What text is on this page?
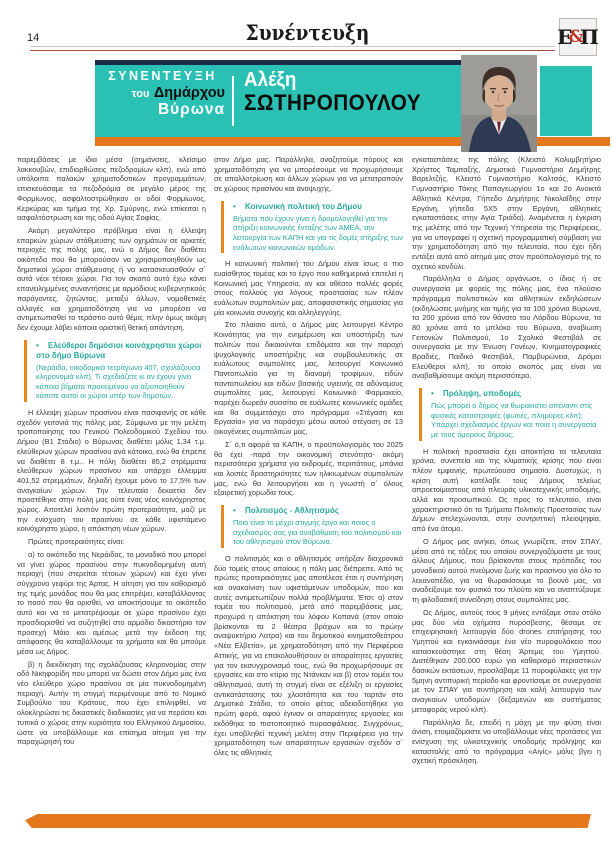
14	Συνέντευξη	Ε
&
Π
ΣΥΝΕΝΤΕΥΞΗ
του Δημάρχου
Βύρωνα
Αλέξη
ΣΩΤΗΡΟΠΟΥΛΟΥ

παρεμβάσεις με ίδια μέσα (σημάνσεις, κλείσιμο λακκουβών, επιδιορθώσεις πεζοδρομίων κλπ), ενώ από υπόλοιπα παλαιών χρηματοδοτικών προγραμμάτων, επισκευάσαμε τα πεζοδρόμια σε μεγάλο μέρος της Φορμίωνος, ασφαλτοστρώθηκαν οι οδοί Φορμίωνος, Κερκύρας και τμήμα της Χρ. Σμύρνης, ενώ επίκειται η ασφαλτόστρωση και της οδού Αγίας Σοφίας.

Ακόμη μεγαλύτερο πρόβλημα είναι η έλλειψη επαρκών χώρων στάθμευσης των οχημάτων σε αρκετές περιοχές της πόλης μας, ενώ ο Δήμος δεν διαθέτει οικόπεδα που θα μπορούσαν να χρησιμοποιηθούν ως δημοτικοί χώροι στάθμευσης ή να κατασκευασθούν σ΄ αυτά νέοι τέτοιοι χώροι. Για τον σκοπό αυτό έχω κάνει επανειλημμένες συναντήσεις με αρμόδιους κυβερνητικούς παράγοντες, ζητώντας, μεταξύ άλλων, νομοθετικές αλλαγές και χρηματοδότηση για να μπορέσει να αντιμετωπισθεί το τεράστιο αυτό θέμα, πλην όμως ακόμη δεν έχουμε λάβει κάποια οριστική θετική απάντηση.

• Ελεύθεροι δημόσιοι κοινόχρηστοι χώροι στο δήμο Βύρωνα
(Νεράιδα, οικοδομικά τετράγωνα 407, σχολάζουσα κληρονομιά κλπ), Τι σχεδιάζετε κι αν έχουν γίνει κάποια βήματα προκειμένου να αξιοποιηθούν κάποτε αυτοί οι χώροι υπέρ των δημοτών.

Η έλλειψη χώρων πρασίνου είναι πασιφανής σε κάθε σχεδόν γειτονιά της πόλης μας. Σύμφωνα με την μελέτη τροποποίησης του Γενικού Πολεοδομικού Σχεδίου του Δήμου (Β1 Στάδιο) ο Βύρωνας διαθέτει μόλις 1,34 τ.μ. ελεύθερων χώρων πρασίνου ανά κάτοικο, ενώ θα έπρεπε να διαθέτει 8 τ.μ.. Η πόλη διαθέτει 85,2 στρέμματα ελεύθερων χώρων πρασίνου και υπάρχει έλλειμμα 401,52 στρεμμάτων, δηλαδή έχουμε μόνο το 17,5% των αναγκαίων χώρων. Την τελευταία δεκαετία δεν προστέθηκε στην πόλη μας ούτε ένας νέος κοινόχρηστος χώρος. Αποτελεί λοιπόν πρώτη προτεραιότητα, μαζί με την ενίσχυση του πρασίνου σε κάθε υφιστάμενο κοινόχρηστο χώρο, η απόκτηση νέων χώρων.

Πρώτες προτεραιότητες είναι:

α) το οικόπεδο της Νεράιδας, το μοναδικό που μπορεί να γίνει χώρος πρασίνου στην πυκνοδομημένη αυτή περιοχή (που στερείται τέτοιων χώρων) και έχει γίνει σύγχρονο γεφύρι της Άρτας. Η αίτηση για τον καθορισμό της τιμής μονάδας που θα μας επιτρέψει, καταβάλλοντας το ποσό που θα ορισθεί, να αποκτήσουμε το οικόπεδο αυτό και να το μετατρέψουμε σε χώρο πρασίνου έχει προσδιορισθεί να συζητηθεί στο αρμόδιο δικαστήριο τον προσεχή Μάιο και αμέσως μετά την έκδοση της απόφασης θα καταβάλλουμε τα χρήματα και θα μπούμε μέσα ως Δήμος.

β) η διεκδίκηση της σχολάζουσας κληρονομίας στην οδό Νικηφορίδη που μπορεί να δώσει στον Δήμο μας ένα νέο ελεύθερο χώρο πρασίνου σε μία πυκνοδομημένη περιοχή. Αυτήν τη στιγμή περιμένουμε από το Νομικό Συμβούλιο του Κράτους, που έχει επιληφθεί, να ολοκληρώσει τις δικαστικές διαδικασίες για να περάσει και τυπικά ο χώρος στην κυριότητα του Ελληνικού Δημοσίου, ώστε να υποβάλλουμε και επίσημα αίτημα για την παραχώρησή του

στον Δήμο μας. Παράλληλα, αναζητούμε πόρους και χρηματοδότηση για να μπορέσουμε να προχωρήσουμε σε απαλλοτρίωση και άλλων χώρων για να μετατραπούν σε χώρους πρασίνου και αναψυχής.

• Κοινωνική πολιτική του Δήμου
Βήματα που έχουν γίνει ή δρομολογηθεί για την στήριξη κοινωνικής ένταξης των ΑΜΕΑ, την λειτουργία των ΚΑΠΗ και για τις δομές στήριξης των ευάλωτων κοινωνικών ομάδων.

Η κοινωνική πολιτική του Δήμου είναι ίσως ο πιο ευαίσθητος τομέας και το έργο που καθημερινά επιτελεί η Κοινωνική μας Υπηρεσία, αν και αθέατο πολλές φορές στους πολλούς για λόγους προστασίας των πλέον ευάλωτων συμπολιτών μας, αποφασιστικής σημασίας για μία κοινωνία συνοχής και αλληλεγγύης.

Στο πλαίσιο αυτό, ο Δήμος μας λειτουργεί Κέντρο Κοινότητας για την ενημέρωση και υποστήριξη των πολιτών που δικαιούνται επιδόματα και την παροχή ψυχολογικής υποστήριξης και συμβουλευτικής σε ευάλωτους συμπολίτες μας, λειτουργεί Κοινωνικό Παντοπωλείο για τη διανομή τροφίμων, ειδών παντοπωλείου και ειδών βασικής υγιεινής σε αδύναμους συμπολίτες μας, λειτουργεί Κοινωνικό Φαρμακείο, παρέχει δωρεάν συσσίτιο σε ευάλωτες κοινωνικές ομάδες και θα συμμετάσχει στο πρόγραμμα «Στέγαση και Εργασία» για να παράσχει μέσω αυτού στέγαση σε 13 οικογένειες συμπολιτών μας,

Σ΄ ό,τι αφορά τα ΚΑΠΗ, ο προϋπολογισμός του 2025 θα έχει -παρά την οικονομική στενότητα- ακόμη περισσότερα χρήματα για εκδρομές, περιπάτους, μπάνια και λοιπές δραστηριότητες των ηλικιωμένων συμπολιτών μας, ενώ θα λειτουργήσει και η γνωστή σ΄ όλους εξαιρετική χορωδία τους.

• Πολιτισμός - Αθλητισμός
Ποιο είναι το μέχρι στιγμής έργο και ποιος ο σχεδιασμός σας για αναβάθμιση του πολιτισμού και του αθλητισμού στον Βύρωνα.

Ο πολιτισμός και ο αθλητισμός υπήρξαν διαχρονικά δύο τομείς στους οποίους η πόλη μας διέπρεπε. Από τις πρώτες προτεραιότητες μας αποτέλεσε έτσι η συντήρηση και ανακαίνιση των υφιστάμενων υποδομών, που και αυτές αντιμετωπίζουν πολλά προβλήματα. Έτσι: α) στον τομέα του πολιτισμού, μετά από παρεμβάσεις μας, προχωρά η απόκτηση του λόφου Κοπανά (στον οποίο βρίσκονται τα 2 θέατρα βράχων και το πρώην αναψυκτήριο Λατρα) και του δημοτικού κινηματοθεάτρου «Νέα Ελβετία», με χρηματοδότηση από την Περιφέρεια Αττικής, για να επακολουθήσουν οι απαραίτητες εργασίες για τον εκσυγχρονισμό τους, ενώ θα προχωρήσουμε σε εργασίες και στο κτίριο της Ντάνκαν και β) στον τομέα του αθλητισμού, αυτή τη στιγμή είναι σε εξέλιξη οι εργασίες αντικατάστασης του χλοοτάπητα και του ταρτάν στο Δημοτικό Στάδιο, το οποίο φέτος αδειοδοτήθηκε για πρώτη φορά, αφού έγιναν οι απαραίτητες εργασίες και εκδόθηκε το πιστοποιητικό πυρασφάλειας. Συγχρόνως, έχει υποβληθεί τεχνική μελέτη στην Περιφέρεια για την χρηματοδότηση των απαραίτητων εργασιών σχεδόν σ΄ όλες τις αθλητικές

εγκαταστάσεις της πόλης (Κλειστό Κολυμβητήριο Χρήστος Ταμπαξής, Δημοτικό Γυμναστήριο Δημήτρης Βαρελτζής, Κλειστό Γυμναστήριο Καλτσάς, Κλειστό Γυμναστήριο Τάκης Παπαγεωργίου 1ο και 2ο Ανοικτά Αθλητικά Κέντρα, Γήπεδο Δημήτρης Νικολαΐδης στην Εργάνη, γήπεδα 5Χ5 στην Εργάνη, αθλητικές εγκαταστάσεις στην Αγία Τριάδα). Αναμένεται η έγκριση της μελέτης από την Τεχνική Υπηρεσία της Περιφέρειας, για να υπογραφεί η σχετική προγραμματική σύμβαση για την χρηματοδότηση από την τελευταία, που έχει ήδη εντάξει αυτά από αίτημά μας στον προϋπολογισμό της το σχετικό κονδύλι.

Παράλληλα ο Δήμος οργάνωσε, ο ίδιος ή σε συνεργασία με φορείς της πόλης μας, ένα πλούσιο πρόγραμμα πολιτιστικών και αθλητικών εκδηλώσεων (εκδηλώσεις μνήμης και τιμής για τα 100 χρόνια Βύρωνα, τα 200 χρόνια από τον θάνατο του Λόρδου Βύρωνα, τα 80 χρόνια από το μπλόκο του Βύρωνα, αναβίωση Γειτονιών Πολιτισμού, 1ο Σχολικό Φεστιβάλ σε συνεργασία με την Ένωση Γονέων, Κινηματογραφικές Βραδιές, Παιδικό Φεστιβάλ, Παμβυρώνεια, Δρόμοι Ελεύθεροι κλπ), το οποίο σκοπός μας είναι να αναβαθμίσουμε ακόμη περισσότερο.

• Πρόληψη, υποδομές
Πώς μπορεί ο δήμος να θωρακιστεί απέναντι στις φυσικές καταστροφές (φωτιές, πλημύρες κλπ); Υπάρχει σχεδιασμός έργων και ποια η συνεργασία με τους όμορους δήμους;

Η πολιτική προστασία έχει αποκτήσει τα τελευταία χρόνια, συνεπεία και της κλιματικής κρίσης που είναι πλέον εμφανής, πρωτεύουσα σημασία. Δυστυχώς, η κρίση αυτή κατέλαβε τους Δήμους τελείως απροετοίμαστους από πλευράς υλικοτεχνικής υποδομής, αλλά και προσωπικού. Ως προς το τελευταίο, είναι χαρακτηριστικό ότι τα Τμήματα Πολιτικής Προστασίας των Δήμων στελεχώνονται, στην συντριπτική πλειοψηφία, από ένα άτομο.

Ο Δήμος μας ανήκει, όπως γνωρίζετε, στον ΣΠΑΥ, μέσα από τις τάξεις του οποίου συνεργαζόμαστε με τους άλλους Δήμους, που βρίσκονται στους πρόποδες του μοναδικού αυτού πνεύμονα ζωής και πρασίνου για όλο το λεκανοπέδιο, για να θωρακίσουμε το βουνό μας, να αναδείξουμε τον φυσικό του πλούτο και να αναπτύξουμε τη φιλοδασική συνείδηση στους συμπολίτες μας.

Ως Δήμος, αυτούς τους 9 μήνες εντάξαμε στον στόλο μας δύο νέα οχήματα πυρόσβεσης, θέσαμε σε επιχειρησιακή λειτουργία δύο drones επιτήρησης του Υμηττού και εγκαινιάσαμε ένα νέο πυροφυλάκειο που κατασκευάστηκε στη θέση Άρτεμις του Υμηττού. Διατέθηκαν 200.000 ευρώ για καθαρισμό περιαστικών δασικών εκτάσεων, προσλάβαμε 11 πυροφύλακες για την 5μηνη αντιπυρική περίοδο και φροντίσαμε σε συνεργασία με τον ΣΠΑΥ για συντήρηση και καλή λειτουργία των αναγκαίων υποδομών (δεξαμενών και συστήματος μεταφοράς νερού κλπ).

Παράλληλα δε, επειδή η μάχη με την φύση είναι άνιση, ετοιμαζόμαστε να υποβάλλουμε νέες προτάσεις για ενίσχυση της υλικοτεχνικής υποδομής πρόληψης και καταστολής από το πρόγραμμα «Αιγίς» μόλις βγει η σχετική πρόσκληση.
